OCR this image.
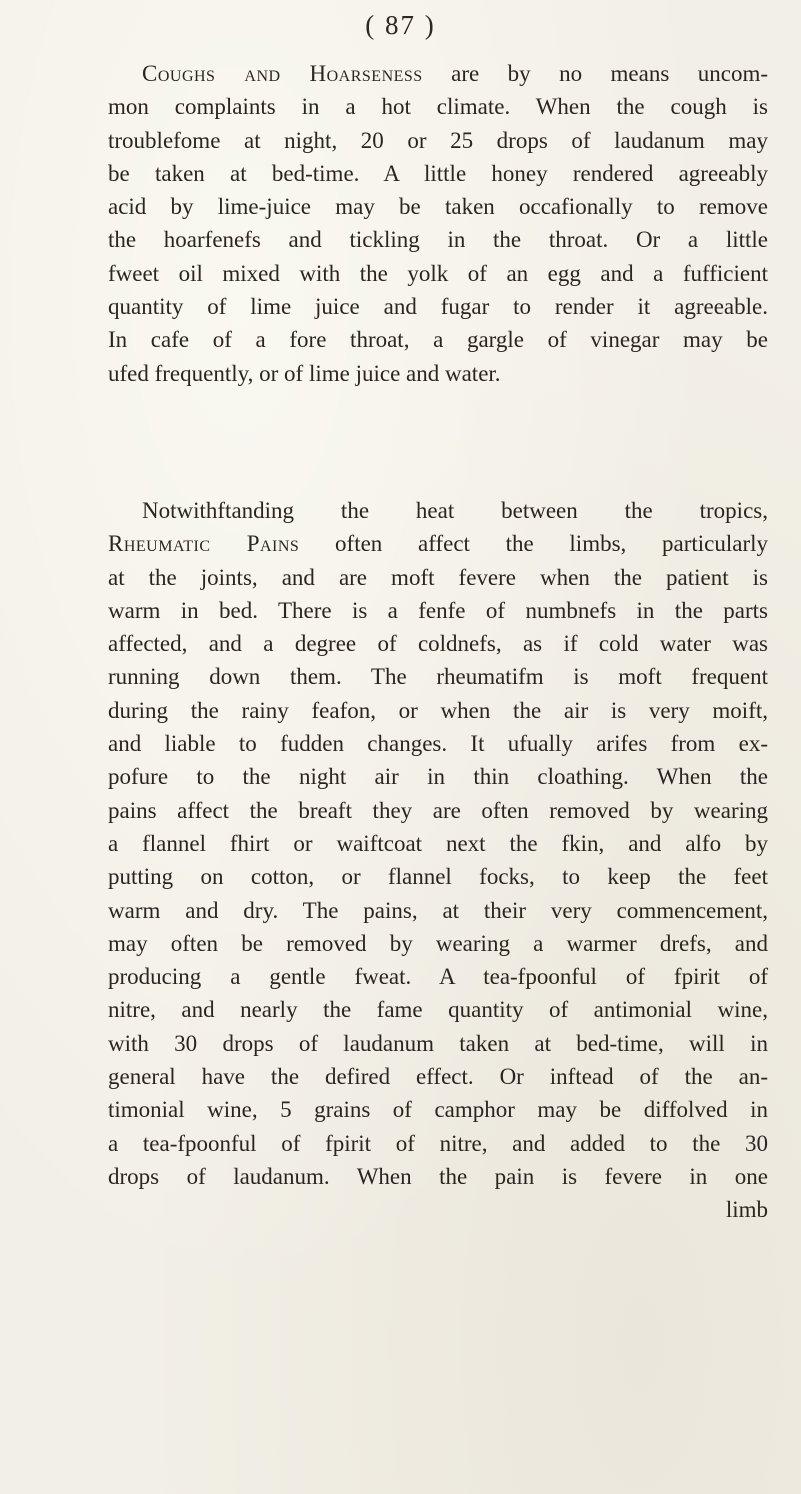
( 87 )
Coughs and Hoarseness are by no means uncom-
mon complaints in a hot climate. When the cough is
troublefome at night, 20 or 25 drops of laudanum may
be taken at bed-time. A little honey rendered agreeably
acid by lime-juice may be taken occafionally to remove
the hoarfenefs and tickling in the throat. Or a little
fweet oil mixed with the yolk of an egg and a fufficient
quantity of lime juice and fugar to render it agreeable.
In cafe of a fore throat, a gargle of vinegar may be
ufed frequently, or of lime juice and water.
Notwithftanding the heat between the tropics,
Rheumatic Pains often affect the limbs, particularly
at the joints, and are moft fevere when the patient is
warm in bed. There is a fenfe of numbnefs in the parts
affected, and a degree of coldnefs, as if cold water was
running down them. The rheumatifm is moft frequent
during the rainy feafon, or when the air is very moift,
and liable to fudden changes. It ufually arifes from ex-
pofure to the night air in thin cloathing. When the
pains affect the breaft they are often removed by wearing
a flannel fhirt or waiftcoat next the fkin, and alfo by
putting on cotton, or flannel focks, to keep the feet
warm and dry. The pains, at their very commencement,
may often be removed by wearing a warmer drefs, and
producing a gentle fweat. A tea-fpoonful of fpirit of
nitre, and nearly the fame quantity of antimonial wine,
with 30 drops of laudanum taken at bed-time, will in
general have the defired effect. Or inftead of the an-
timonial wine, 5 grains of camphor may be diffolved in
a tea-fpoonful of fpirit of nitre, and added to the 30
drops of laudanum. When the pain is fevere in one
limb
